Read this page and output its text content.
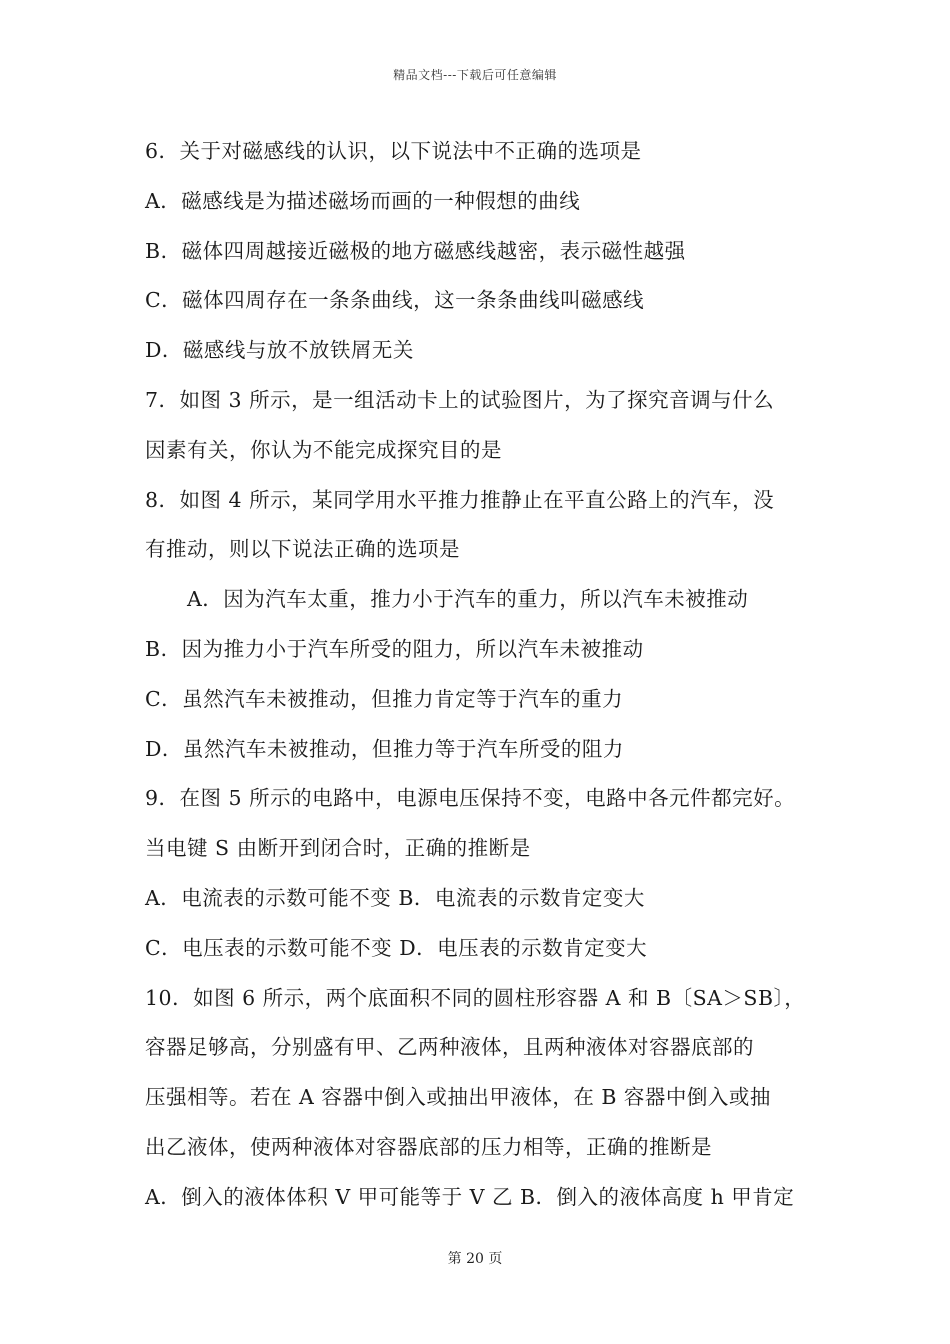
精品文档---下载后可任意编辑
6．关于对磁感线的认识，以下说法中不正确的选项是
A．磁感线是为描述磁场而画的一种假想的曲线
B．磁体四周越接近磁极的地方磁感线越密，表示磁性越强
C．磁体四周存在一条条曲线，这一条条曲线叫磁感线
D．磁感线与放不放铁屑无关
7．如图 3 所示，是一组活动卡上的试验图片，为了探究音调与什么
因素有关，你认为不能完成探究目的是
8．如图 4 所示，某同学用水平推力推静止在平直公路上的汽车，没
有推动，则以下说法正确的选项是
A．因为汽车太重，推力小于汽车的重力，所以汽车未被推动
B．因为推力小于汽车所受的阻力，所以汽车未被推动
C．虽然汽车未被推动，但推力肯定等于汽车的重力
D．虽然汽车未被推动，但推力等于汽车所受的阻力
9．在图 5 所示的电路中，电源电压保持不变，电路中各元件都完好。
当电键 S 由断开到闭合时，正确的推断是
A．电流表的示数可能不变 B．电流表的示数肯定变大
C．电压表的示数可能不变 D．电压表的示数肯定变大
10．如图 6 所示，两个底面积不同的圆柱形容器 A 和 B〔SA＞SB〕，
容器足够高，分别盛有甲、乙两种液体，且两种液体对容器底部的
压强相等。若在 A 容器中倒入或抽出甲液体，在 B 容器中倒入或抽
出乙液体，使两种液体对容器底部的压力相等，正确的推断是
A．倒入的液体体积 V 甲可能等于 V 乙 B．倒入的液体高度 h 甲肯定
第 20 页
